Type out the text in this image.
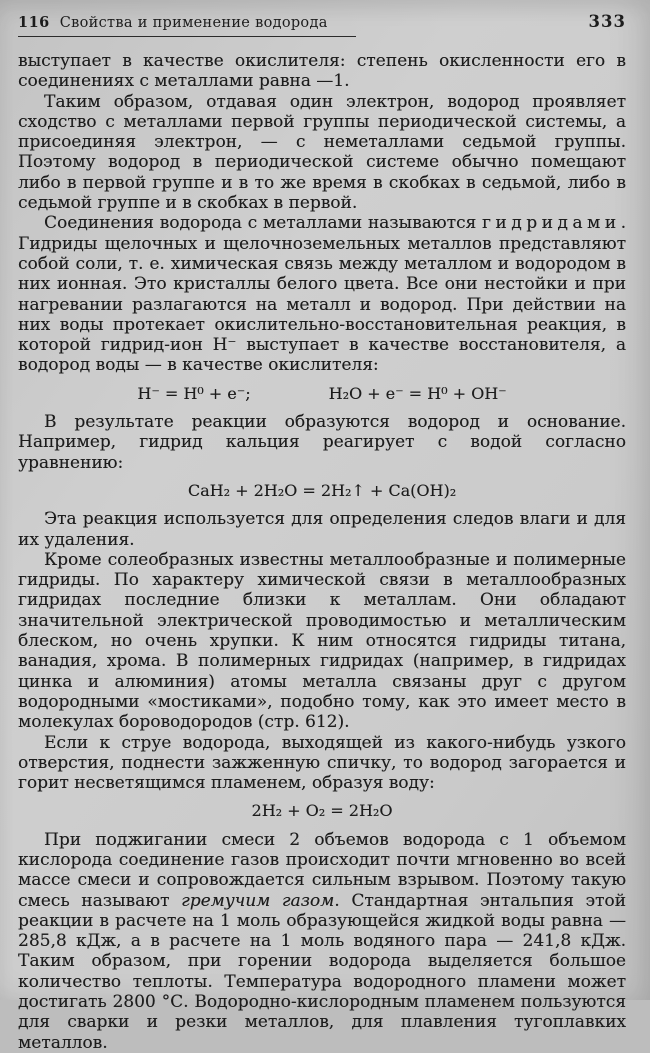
116 Свойства и применение водорода	333

выступает в качестве окислителя: степень окисленности его в соединениях с металлами равна —1.

Таким образом, отдавая один электрон, водород проявляет сходство с металлами первой группы периодической системы, а присоединяя электрон, — с неметаллами седьмой группы. Поэтому водород в периодической системе обычно помещают либо в первой группе и в то же время в скобках в седьмой, либо в седьмой группе и в скобках в первой.

Соединения водорода с металлами называются гидридами. Гидриды щелочных и щелочноземельных металлов представляют собой соли, т. е. химическая связь между металлом и водородом в них ионная. Это кристаллы белого цвета. Все они нестойки и при нагревании разлагаются на металл и водород. При действии на них воды протекает окислительно-восстановительная реакция, в которой гидрид-ион H⁻ выступает в качестве восстановителя, а водород воды — в качестве окислителя:

H⁻ = H⁰ + e⁻;	H₂O + e⁻ = H⁰ + OH⁻

В результате реакции образуются водород и основание. Например, гидрид кальция реагирует с водой согласно уравнению:

CaH₂ + 2H₂O = 2H₂↑ + Ca(OH)₂

Эта реакция используется для определения следов влаги и для их удаления.

Кроме солеобразных известны металлообразные и полимерные гидриды. По характеру химической связи в металлообразных гидридах последние близки к металлам. Они обладают значительной электрической проводимостью и металлическим блеском, но очень хрупки. К ним относятся гидриды титана, ванадия, хрома. В полимерных гидридах (например, в гидридах цинка и алюминия) атомы металла связаны друг с другом водородными «мостиками», подобно тому, как это имеет место в молекулах бороводородов (стр. 612).

Если к струе водорода, выходящей из какого-нибудь узкого отверстия, поднести зажженную спичку, то водород загорается и горит несветящимся пламенем, образуя воду:

2H₂ + O₂ = 2H₂O

При поджигании смеси 2 объемов водорода с 1 объемом кислорода соединение газов происходит почти мгновенно во всей массе смеси и сопровождается сильным взрывом. Поэтому такую смесь называют гремучим газом. Стандартная энтальпия этой реакции в расчете на 1 моль образующейся жидкой воды равна —285,8 кДж, а в расчете на 1 моль водяного пара — 241,8 кДж. Таким образом, при горении водорода выделяется большое количество теплоты. Температура водородного пламени может достигать 2800 °С. Водородно-кислородным пламенем пользуются для сварки и резки металлов, для плавления тугоплавких металлов.
